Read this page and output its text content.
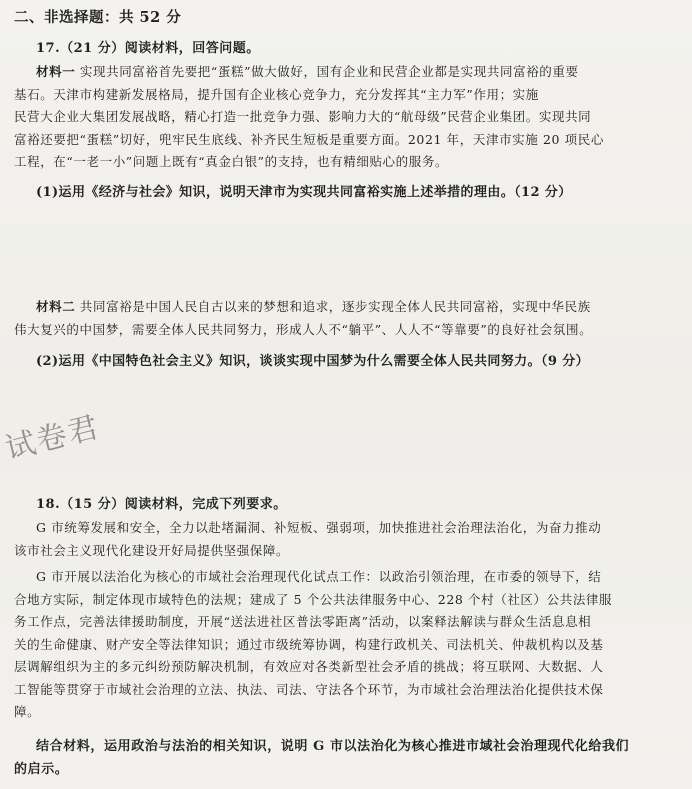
二、非选择题：共 52 分
17.（21 分）阅读材料，回答问题。
材料一 实现共同富裕首先要把“蛋糕”做大做好，国有企业和民营企业都是实现共同富裕的重要
基石。天津市构建新发展格局，提升国有企业核心竞争力，充分发挥其“主力军”作用；实施
民营大企业大集团发展战略，精心打造一批竞争力强、影响力大的“航母级”民营企业集团。实现共同
富裕还要把“蛋糕”切好，兜牢民生底线、补齐民生短板是重要方面。2021 年，天津市实施 20 项民心
工程，在“一老一小”问题上既有“真金白银”的支持，也有精细贴心的服务。
(1)运用《经济与社会》知识，说明天津市为实现共同富裕实施上述举措的理由。（12 分）
材料二 共同富裕是中国人民自古以来的梦想和追求，逐步实现全体人民共同富裕，实现中华民族
伟大复兴的中国梦，需要全体人民共同努力，形成人人不“躺平”、人人不“等靠要”的良好社会氛围。
(2)运用《中国特色社会主义》知识，谈谈实现中国梦为什么需要全体人民共同努力。（9 分）
试卷君
18.（15 分）阅读材料，完成下列要求。
G 市统筹发展和安全，全力以赴堵漏洞、补短板、强弱项，加快推进社会治理法治化，为奋力推动
该市社会主义现代化建设开好局提供坚强保障。
G 市开展以法治化为核心的市域社会治理现代化试点工作：以政治引领治理，在市委的领导下，结
合地方实际，制定体现市域特色的法规；建成了 5 个公共法律服务中心、228 个村（社区）公共法律服
务工作点，完善法律援助制度，开展“送法进社区普法零距离”活动，以案释法解读与群众生活息息相
关的生命健康、财产安全等法律知识；通过市级统筹协调，构建行政机关、司法机关、仲裁机构以及基
层调解组织为主的多元纠纷预防解决机制，有效应对各类新型社会矛盾的挑战；将互联网、大数据、人
工智能等贯穿于市域社会治理的立法、执法、司法、守法各个环节，为市域社会治理法治化提供技术保
障。
结合材料，运用政治与法治的相关知识，说明 G 市以法治化为核心推进市域社会治理现代化给我们
的启示。
